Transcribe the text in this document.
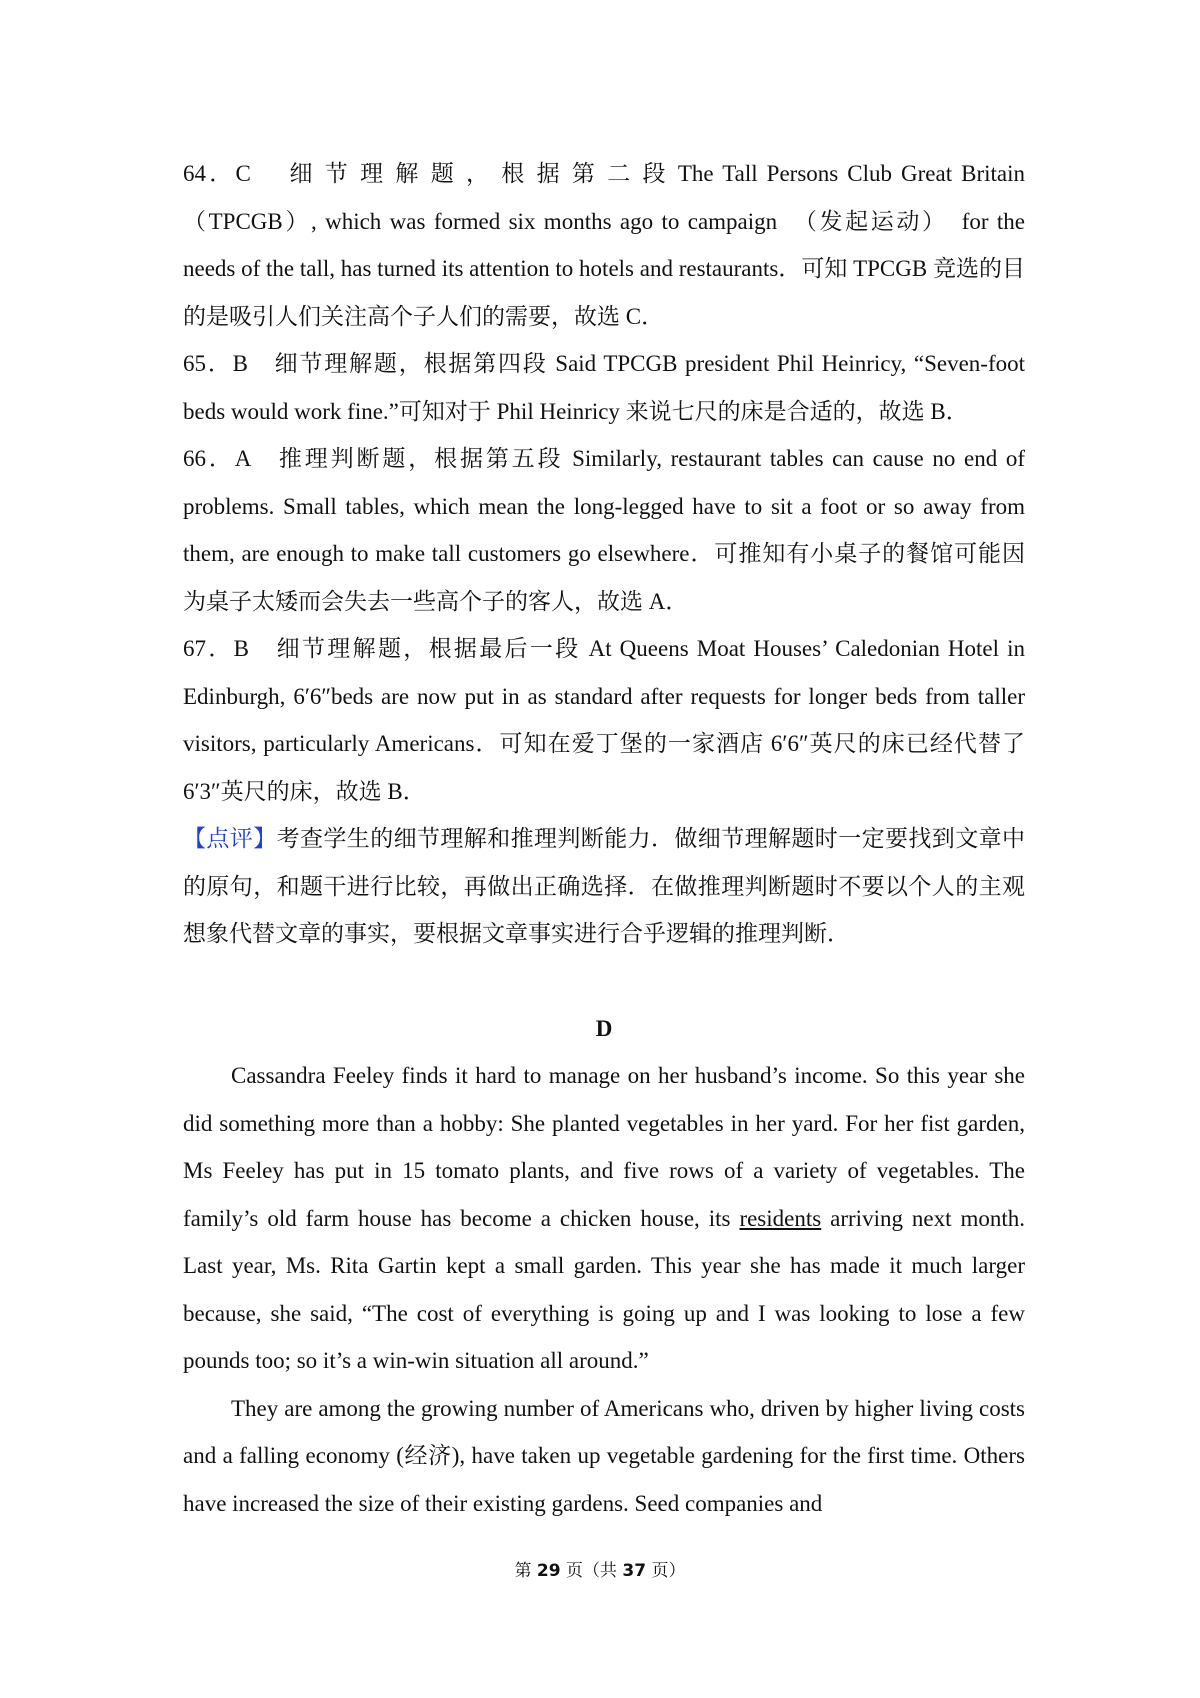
64．C　 细 节 理 解 题 ， 根 据 第 二 段 The Tall Persons Club Great Britain（TPCGB）, which was formed six months ago to campaign　（发起运动）　for the needs of the tall, has turned its attention to hotels and restaurants．可知 TPCGB 竞选的目的是吸引人们关注高个子人们的需要，故选 C．

65．B　细节理解题，根据第四段 Said TPCGB president Phil Heinricy, “Seven-foot beds would work fine.”可知对于 Phil Heinricy 来说七尺的床是合适的，故选 B．

66．A　推理判断题，根据第五段 Similarly, restaurant tables can cause no end of problems. Small tables, which mean the long-legged have to sit a foot or so away from them, are enough to make tall customers go elsewhere．可推知有小桌子的餐馆可能因为桌子太矮而会失去一些高个子的客人，故选 A．

67．B　细节理解题，根据最后一段 At Queens Moat Houses’ Caledonian Hotel in Edinburgh, 6′6″beds are now put in as standard after requests for longer beds from taller visitors, particularly Americans．可知在爱丁堡的一家酒店 6′6″英尺的床已经代替了 6′3″英尺的床，故选 B．

【点评】考查学生的细节理解和推理判断能力．做细节理解题时一定要找到文章中的原句，和题干进行比较，再做出正确选择．在做推理判断题时不要以个人的主观想象代替文章的事实，要根据文章事实进行合乎逻辑的推理判断．

D

Cassandra Feeley finds it hard to manage on her husband’s income. So this year she did something more than a hobby: She planted vegetables in her yard. For her fist garden, Ms Feeley has put in 15 tomato plants, and five rows of a variety of vegetables. The family’s old farm house has become a chicken house, its residents arriving next month. Last year, Ms. Rita Gartin kept a small garden. This year she has made it much larger because, she said, “The cost of everything is going up and I was looking to lose a few pounds too; so it’s a win-win situation all around.”

They are among the growing number of Americans who, driven by higher living costs and a falling economy (经济), have taken up vegetable gardening for the first time. Others have increased the size of their existing gardens. Seed companies and

第 29 页（共 37 页）
